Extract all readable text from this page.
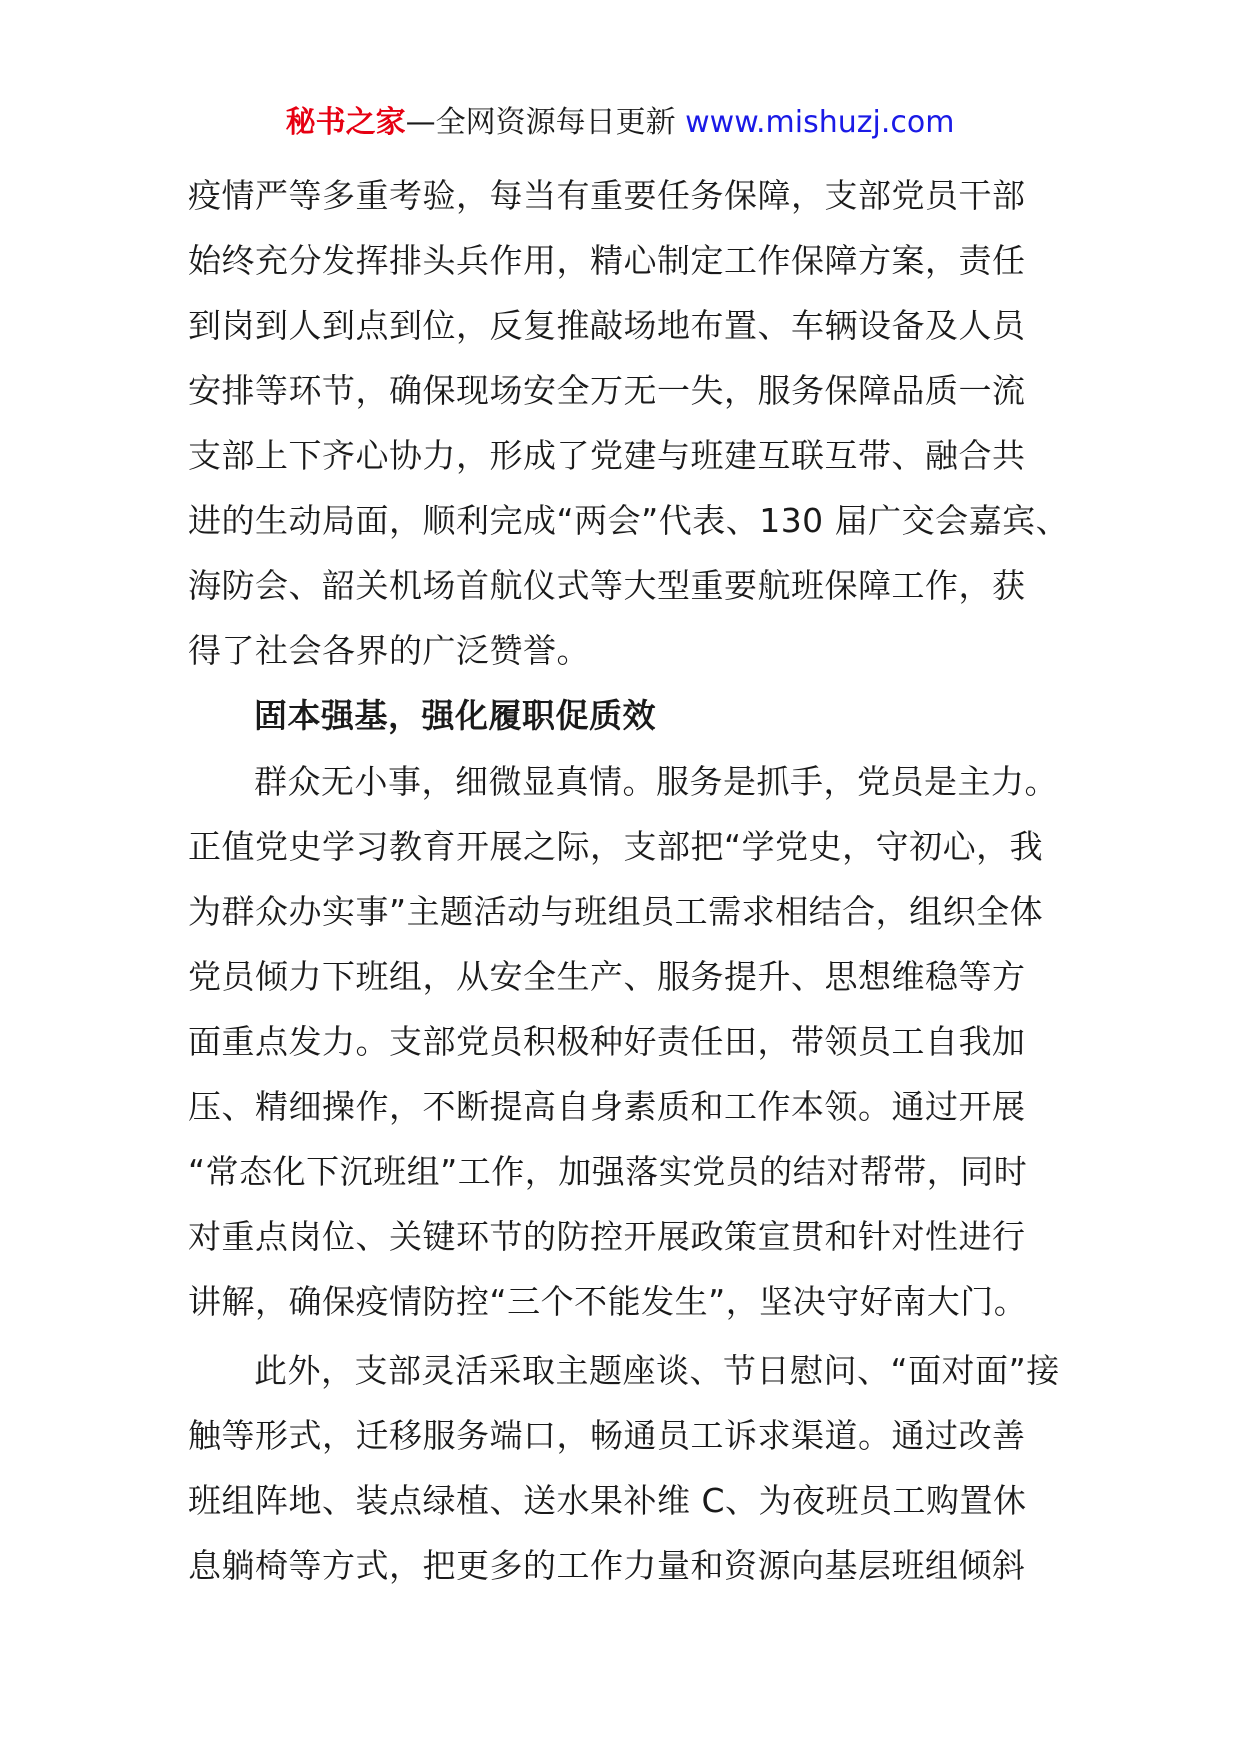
秘书之家—全网资源每日更新 www.mishuzj.com
疫情严等多重考验，每当有重要任务保障，支部党员干部
始终充分发挥排头兵作用，精心制定工作保障方案，责任
到岗到人到点到位，反复推敲场地布置、车辆设备及人员
安排等环节，确保现场安全万无一失，服务保障品质一流
支部上下齐心协力，形成了党建与班建互联互带、融合共
进的生动局面，顺利完成“两会”代表、130 届广交会嘉宾、
海防会、韶关机场首航仪式等大型重要航班保障工作，获
得了社会各界的广泛赞誉。
固本强基，强化履职促质效
群众无小事，细微显真情。服务是抓手，党员是主力。
正值党史学习教育开展之际，支部把“学党史，守初心，我
为群众办实事”主题活动与班组员工需求相结合，组织全体
党员倾力下班组，从安全生产、服务提升、思想维稳等方
面重点发力。支部党员积极种好责任田，带领员工自我加
压、精细操作，不断提高自身素质和工作本领。通过开展
“常态化下沉班组”工作，加强落实党员的结对帮带，同时
对重点岗位、关键环节的防控开展政策宣贯和针对性进行
讲解，确保疫情防控“三个不能发生”，坚决守好南大门。
此外，支部灵活采取主题座谈、节日慰问、“面对面”接
触等形式，迁移服务端口，畅通员工诉求渠道。通过改善
班组阵地、装点绿植、送水果补维 C、为夜班员工购置休
息躺椅等方式，把更多的工作力量和资源向基层班组倾斜
